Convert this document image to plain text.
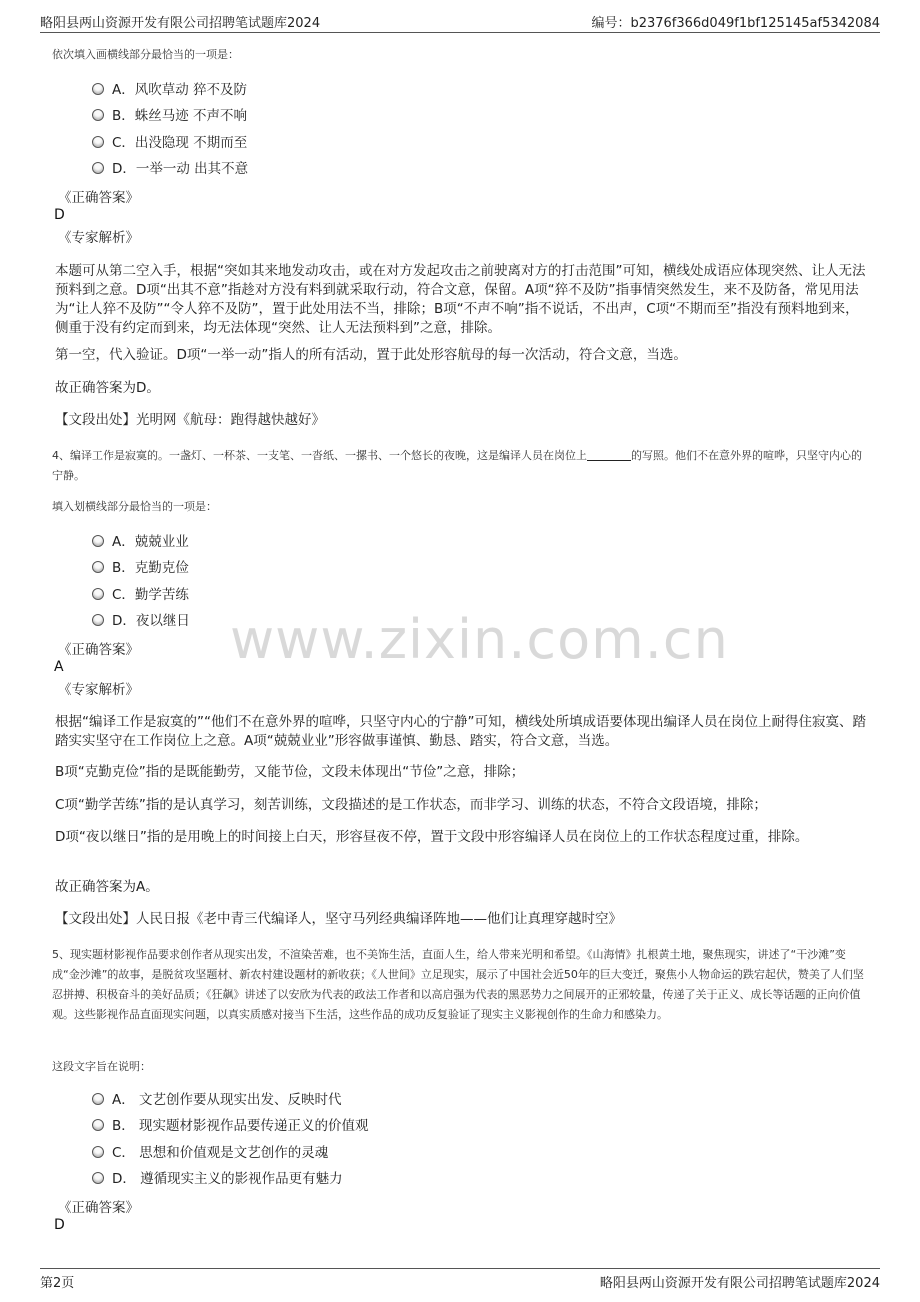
略阳县两山资源开发有限公司招聘笔试题库2024	编号：b2376f366d049f1bf125145af5342084
www.zixin.com.cn
依次填入画横线部分最恰当的一项是：
A．风吹草动 猝不及防
B．蛛丝马迹 不声不响
C．出没隐现 不期而至
D．一举一动 出其不意
《正确答案》
D
《专家解析》
本题可从第二空入手，根据“突如其来地发动攻击，或在对方发起攻击之前驶离对方的打击范围”可知，横线处成语应体现突然、让人无法预料到之意。D项“出其不意”指趁对方没有料到就采取行动，符合文意，保留。A项“猝不及防”指事情突然发生，来不及防备，常见用法为“让人猝不及防”“令人猝不及防”，置于此处用法不当，排除；B项“不声不响”指不说话，不出声，C项“不期而至”指没有预料地到来，侧重于没有约定而到来，均无法体现“突然、让人无法预料到”之意，排除。
第一空，代入验证。D项“一举一动”指人的所有活动，置于此处形容航母的每一次活动，符合文意，当选。
故正确答案为D。
【文段出处】光明网《航母：跑得越快越好》
4、编译工作是寂寞的。一盏灯、一杯茶、一支笔、一沓纸、一摞书、一个悠长的夜晚，这是编译人员在岗位上	的写照。他们不在意外界的喧哗，只坚守内心的宁静。
填入划横线部分最恰当的一项是：
A．兢兢业业
B．克勤克俭
C．勤学苦练
D．夜以继日
《正确答案》
A
《专家解析》
根据“编译工作是寂寞的”“他们不在意外界的喧哗，只坚守内心的宁静”可知，横线处所填成语要体现出编译人员在岗位上耐得住寂寞、踏踏实实坚守在工作岗位上之意。A项“兢兢业业”形容做事谨慎、勤恳、踏实，符合文意，当选。
B项“克勤克俭”指的是既能勤劳，又能节俭，文段未体现出“节俭”之意，排除；
C项“勤学苦练”指的是认真学习，刻苦训练，文段描述的是工作状态，而非学习、训练的状态，不符合文段语境，排除；
D项“夜以继日”指的是用晚上的时间接上白天，形容昼夜不停，置于文段中形容编译人员在岗位上的工作状态程度过重，排除。
故正确答案为A。
【文段出处】人民日报《老中青三代编译人，坚守马列经典编译阵地——他们让真理穿越时空》
5、现实题材影视作品要求创作者从现实出发，不渲染苦难，也不美饰生活，直面人生，给人带来光明和希望。《山海情》扎根黄土地，聚焦现实，讲述了“干沙滩”变成“金沙滩”的故事，是脱贫攻坚题材、新农村建设题材的新收获；《人世间》立足现实，展示了中国社会近50年的巨大变迁，聚焦小人物命运的跌宕起伏，赞美了人们坚忍拼搏、积极奋斗的美好品质；《狂飙》讲述了以安欣为代表的政法工作者和以高启强为代表的黑恶势力之间展开的正邪较量，传递了关于正义、成长等话题的正向价值观。这些影视作品直面现实问题，以真实质感对接当下生活，这些作品的成功反复验证了现实主义影视创作的生命力和感染力。
这段文字旨在说明：
A． 文艺创作要从现实出发、反映时代
B． 现实题材影视作品要传递正义的价值观
C． 思想和价值观是文艺创作的灵魂
D． 遵循现实主义的影视作品更有魅力
《正确答案》
D
第2页	略阳县两山资源开发有限公司招聘笔试题库2024
